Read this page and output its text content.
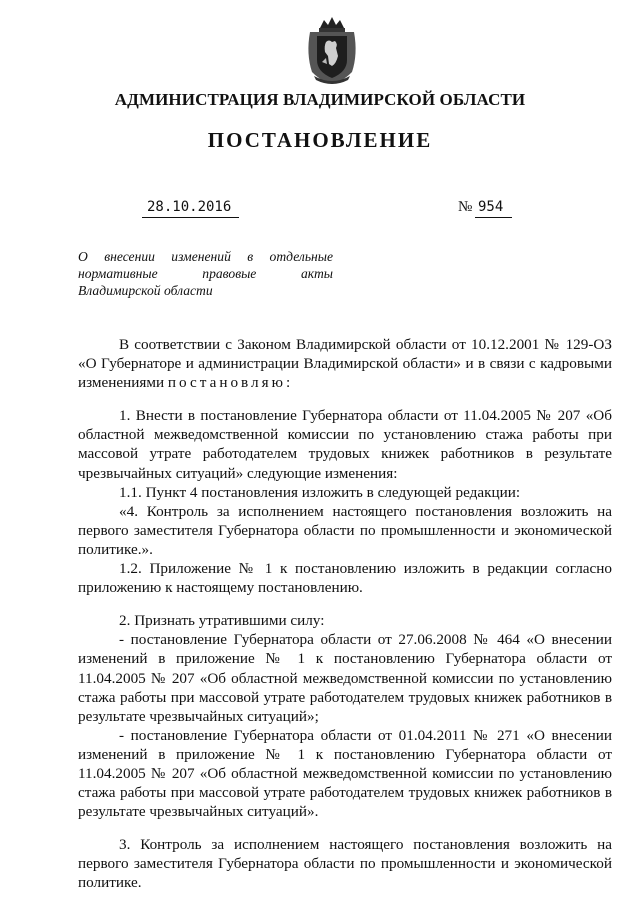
АДМИНИСТРАЦИЯ ВЛАДИМИРСКОЙ ОБЛАСТИ
ПОСТАНОВЛЕНИЕ
28.10.2016	№ 954
О внесении изменений в отдельные
нормативные правовые акты Владимирской области

В соответствии с Законом Владимирской области от 10.12.2001 № 129-ОЗ «О Губернаторе и администрации Владимирской области» и в связи с кадровыми изменениями постановляю:

1. Внести в постановление Губернатора области от 11.04.2005 № 207 «Об областной межведомственной комиссии по установлению стажа работы при массовой утрате работодателем трудовых книжек работников в результате чрезвычайных ситуаций» следующие изменения:

1.1. Пункт 4 постановления изложить в следующей редакции:

«4. Контроль за исполнением настоящего постановления возложить на первого заместителя Губернатора области по промышленности и экономической политике.».

1.2. Приложение № 1 к постановлению изложить в редакции согласно приложению к настоящему постановлению.

2. Признать утратившими силу:

- постановление Губернатора области от 27.06.2008 № 464 «О внесении изменений в приложение № 1 к постановлению Губернатора области от 11.04.2005 № 207 «Об областной межведомственной комиссии по установлению стажа работы при массовой утрате работодателем трудовых книжек работников в результате чрезвычайных ситуаций»;

- постановление Губернатора области от 01.04.2011 № 271 «О внесении изменений в приложение № 1 к постановлению Губернатора области от 11.04.2005 № 207 «Об областной межведомственной комиссии по установлению стажа работы при массовой утрате работодателем трудовых книжек работников в результате чрезвычайных ситуаций».

3. Контроль за исполнением настоящего постановления возложить на первого заместителя Губернатора области по промышленности и экономической политике.
